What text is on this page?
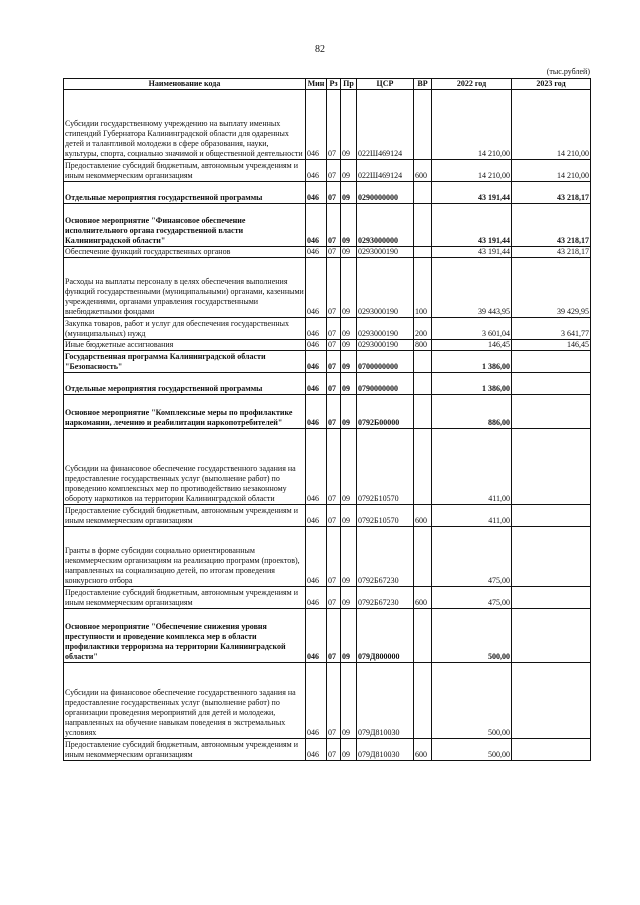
82
(тыс.рублей)
Наименование кода	Мин	Рз	Пр	ЦСР	ВР	2022 год	2023 год
Субсидии государственному учреждению на выплату именных стипендий Губернатора Калининградской области для одаренных детей и талантливой молодежи в сфере образования, науки, культуры, спорта, социально значимой и общественной деятельности	046	07	09	022Ш469124		14 210,00	14 210,00
Предоставление субсидий бюджетным, автономным учреждениям и иным некоммерческим организациям	046	07	09	022Ш469124	600	14 210,00	14 210,00
Отдельные мероприятия государственной программы	046	07	09	0290000000		43 191,44	43 218,17
Основное мероприятие "Финансовое обеспечение исполнительного органа государственной власти Калининградской области"	046	07	09	0293000000		43 191,44	43 218,17
Обеспечение функций государственных органов	046	07	09	0293000190		43 191,44	43 218,17
Расходы на выплаты персоналу в целях обеспечения выполнения функций государственными (муниципальными) органами, казенными учреждениями, органами управления государственными внебюджетными фондами	046	07	09	0293000190	100	39 443,95	39 429,95
Закупка товаров, работ и услуг для обеспечения государственных (муниципальных) нужд	046	07	09	0293000190	200	3 601,04	3 641,77
Иные бюджетные ассигнования	046	07	09	0293000190	800	146,45	146,45
Государственная программа Калининградской области "Безопасность"	046	07	09	0700000000		1 386,00	
Отдельные мероприятия государственной программы	046	07	09	0790000000		1 386,00	
Основное мероприятие "Комплексные меры по профилактике наркомании, лечению и реабилитации наркопотребителей"	046	07	09	0792Б00000		886,00	
Субсидии на финансовое обеспечение государственного задания на предоставление государственных услуг (выполнение работ) по проведению комплексных мер по противодействию незаконному обороту наркотиков на территории Калининградской области	046	07	09	0792Б10570		411,00	
Предоставление субсидий бюджетным, автономным учреждениям и иным некоммерческим организациям	046	07	09	0792Б10570	600	411,00	
Гранты в форме субсидии социально ориентированным некоммерческим организациям на реализацию программ (проектов), направленных на социализацию детей, по итогам проведения конкурсного отбора	046	07	09	0792Б67230		475,00	
Предоставление субсидий бюджетным, автономным учреждениям и иным некоммерческим организациям	046	07	09	0792Б67230	600	475,00	
Основное мероприятие "Обеспечение снижения уровня преступности и проведение комплекса мер в области профилактики терроризма на территории Калининградской области"	046	07	09	079Д800000		500,00	
Субсидии на финансовое обеспечение государственного задания на предоставление государственных услуг (выполнение работ) по организации проведения мероприятий для детей и молодежи, направленных на обучение навыкам поведения в экстремальных условиях	046	07	09	079Д810030		500,00	
Предоставление субсидий бюджетным, автономным учреждениям и иным некоммерческим организациям	046	07	09	079Д810030	600	500,00	
